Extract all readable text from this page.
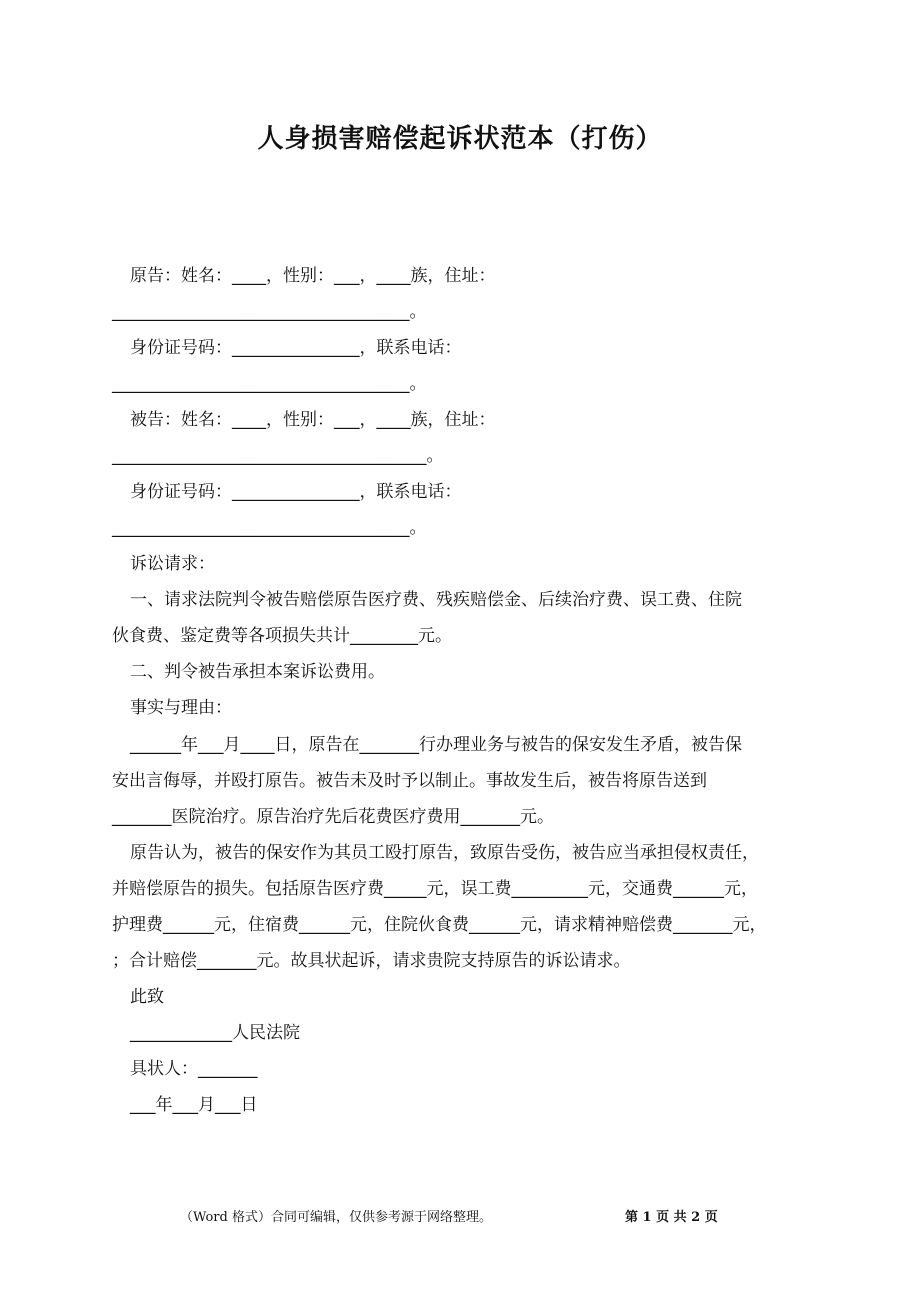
人身损害赔偿起诉状范本（打伤）
原告：姓名：____，性别：___，____族，住址：
___________________________________。
身份证号码：_______________，联系电话：
___________________________________。
被告：姓名：____，性别：___，____族，住址：
_____________________________________。
身份证号码：_______________，联系电话：
___________________________________。
诉讼请求：
一、请求法院判令被告赔偿原告医疗费、残疾赔偿金、后续治疗费、误工费、住院
伙食费、鉴定费等各项损失共计________元。
二、判令被告承担本案诉讼费用。
事实与理由：
______年___月____日，原告在_______行办理业务与被告的保安发生矛盾，被告保
安出言侮辱，并殴打原告。被告未及时予以制止。事故发生后，被告将原告送到
_______医院治疗。原告治疗先后花费医疗费用_______元。
原告认为，被告的保安作为其员工殴打原告，致原告受伤，被告应当承担侵权责任，
并赔偿原告的损失。包括原告医疗费_____元，误工费_________元，交通费______元，
护理费______元，住宿费______元，住院伙食费______元，请求精神赔偿费_______元，
；合计赔偿_______元。故具状起诉，请求贵院支持原告的诉讼请求。
此致
____________人民法院
具状人：_______
___年___月___日
（Word 格式）合同可编辑，仅供参考源于网络整理。	第 1 页 共 2 页
